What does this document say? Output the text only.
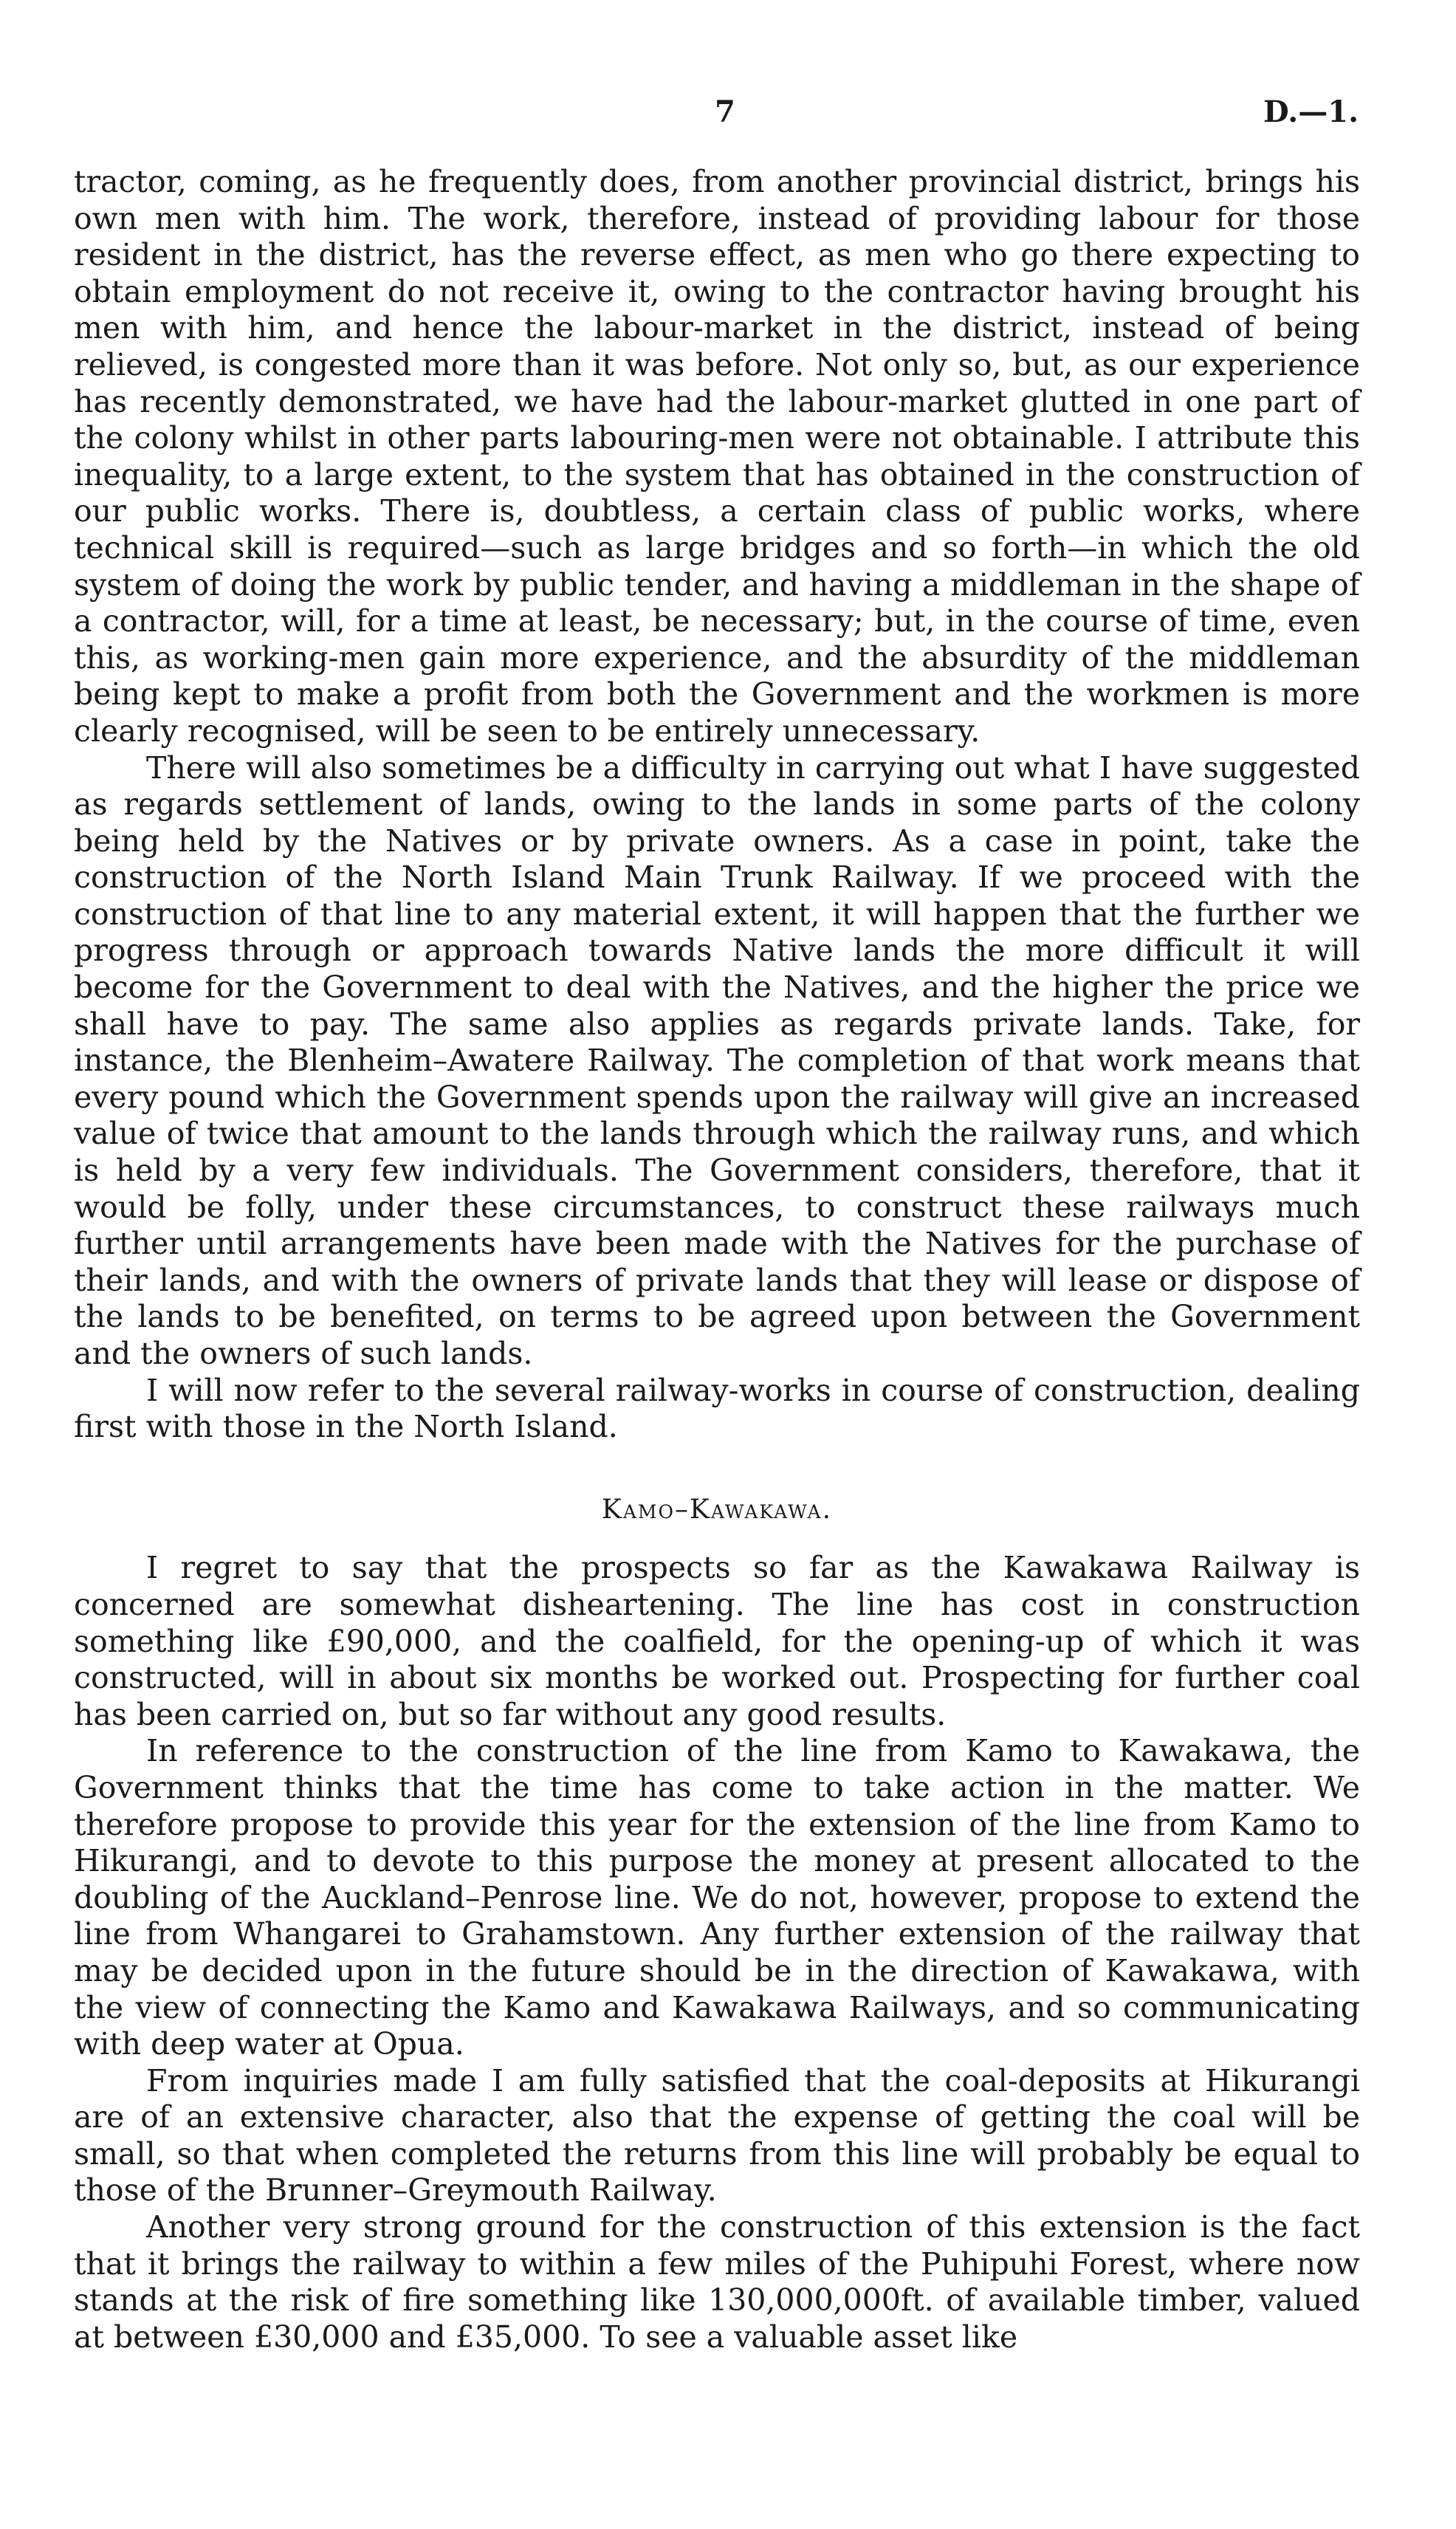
7	D.—1.

tractor, coming, as he frequently does, from another provincial district, brings his own men with him. The work, therefore, instead of providing labour for those resident in the district, has the reverse effect, as men who go there expecting to obtain employment do not receive it, owing to the contractor having brought his men with him, and hence the labour-market in the district, instead of being relieved, is congested more than it was before. Not only so, but, as our experience has recently demonstrated, we have had the labour-market glutted in one part of the colony whilst in other parts labouring-men were not obtainable. I attribute this inequality, to a large extent, to the system that has obtained in the construction of our public works. There is, doubtless, a certain class of public works, where technical skill is required—such as large bridges and so forth—in which the old system of doing the work by public tender, and having a middleman in the shape of a contractor, will, for a time at least, be necessary; but, in the course of time, even this, as working-men gain more experience, and the absurdity of the middleman being kept to make a profit from both the Government and the workmen is more clearly recognised, will be seen to be entirely unnecessary.

There will also sometimes be a difficulty in carrying out what I have suggested as regards settlement of lands, owing to the lands in some parts of the colony being held by the Natives or by private owners. As a case in point, take the construction of the North Island Main Trunk Railway. If we proceed with the construction of that line to any material extent, it will happen that the further we progress through or approach towards Native lands the more difficult it will become for the Government to deal with the Natives, and the higher the price we shall have to pay. The same also applies as regards private lands. Take, for instance, the Blenheim–Awatere Railway. The completion of that work means that every pound which the Government spends upon the railway will give an increased value of twice that amount to the lands through which the railway runs, and which is held by a very few individuals. The Government considers, therefore, that it would be folly, under these circumstances, to construct these railways much further until arrangements have been made with the Natives for the purchase of their lands, and with the owners of private lands that they will lease or dispose of the lands to be benefited, on terms to be agreed upon between the Government and the owners of such lands.

I will now refer to the several railway-works in course of construction, dealing first with those in the North Island.

Kamo–Kawakawa.

I regret to say that the prospects so far as the Kawakawa Railway is concerned are somewhat disheartening. The line has cost in construction something like £90,000, and the coalfield, for the opening-up of which it was constructed, will in about six months be worked out. Prospecting for further coal has been carried on, but so far without any good results.

In reference to the construction of the line from Kamo to Kawakawa, the Government thinks that the time has come to take action in the matter. We therefore propose to provide this year for the extension of the line from Kamo to Hikurangi, and to devote to this purpose the money at present allocated to the doubling of the Auckland–Penrose line. We do not, however, propose to extend the line from Whangarei to Grahamstown. Any further extension of the railway that may be decided upon in the future should be in the direction of Kawakawa, with the view of connecting the Kamo and Kawakawa Railways, and so communicating with deep water at Opua.

From inquiries made I am fully satisfied that the coal-deposits at Hikurangi are of an extensive character, also that the expense of getting the coal will be small, so that when completed the returns from this line will probably be equal to those of the Brunner–Greymouth Railway.

Another very strong ground for the construction of this extension is the fact that it brings the railway to within a few miles of the Puhipuhi Forest, where now stands at the risk of fire something like 130,000,000ft. of available timber, valued at between £30,000 and £35,000. To see a valuable asset like
